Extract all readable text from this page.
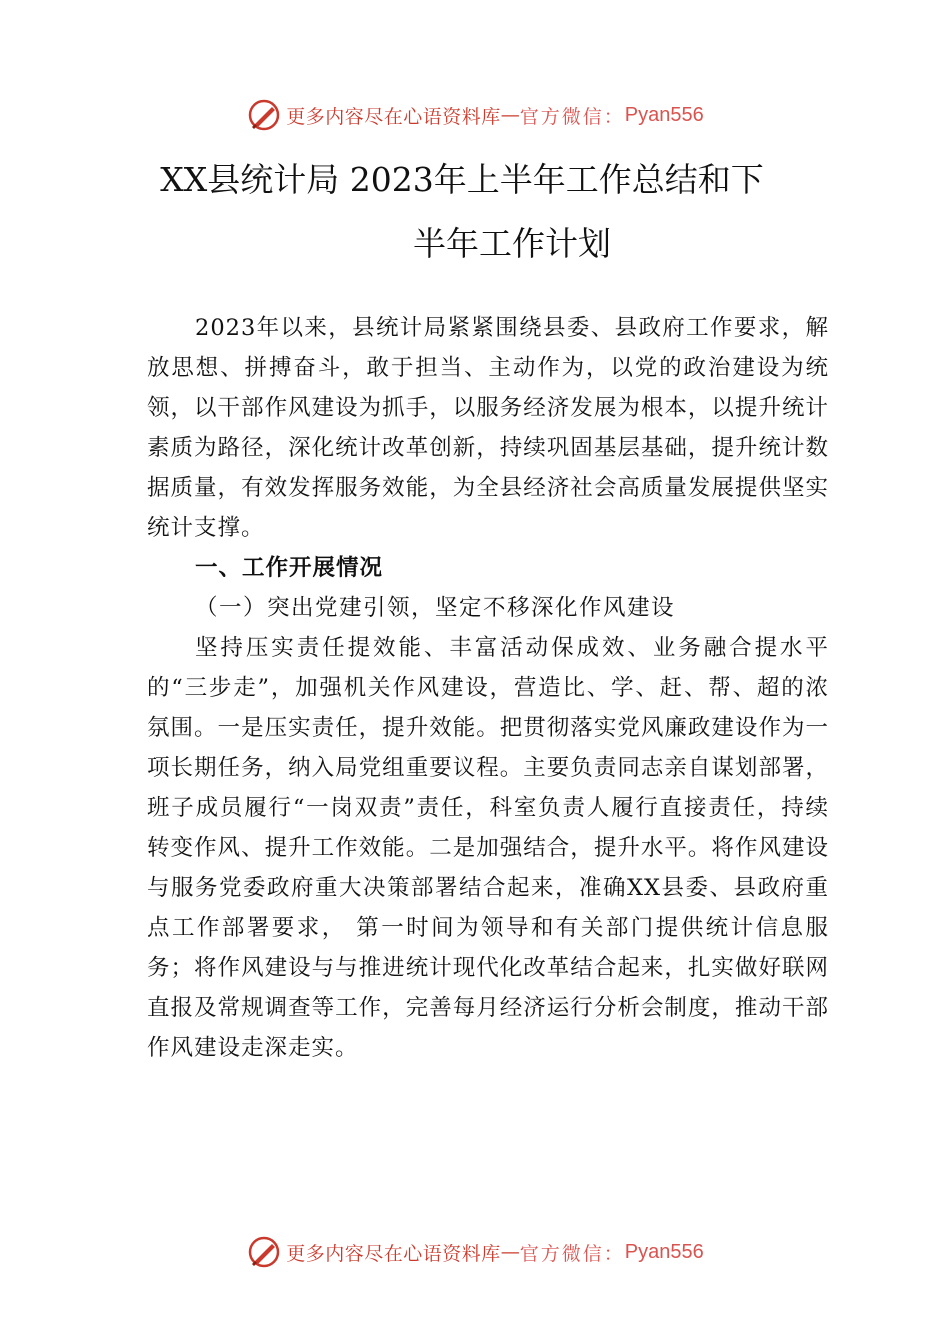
更多内容尽在心语资料库 — 官方微信： Pyan556
XX县统计局 2023年上半年工作总结和下
半年工作计划

2023年以来，县统计局紧紧围绕县委、县政府工作要求，解放思想、拼搏奋斗，敢于担当、主动作为，以党的政治建设为统领，以干部作风建设为抓手，以服务经济发展为根本，以提升统计素质为路径，深化统计改革创新，持续巩固基层基础，提升统计数据质量，有效发挥服务效能，为全县经济社会高质量发展提供坚实统计支撑。

一、工作开展情况
（一）突出党建引领，坚定不移深化作风建设

坚持压实责任提效能、丰富活动保成效、业务融合提水平的“三步走”，加强机关作风建设，营造比、学、赶、帮、超的浓氛围。一是压实责任，提升效能。把贯彻落实党风廉政建设作为一项长期任务，纳入局党组重要议程。主要负责同志亲自谋划部署，班子成员履行“一岗双责”责任，科室负责人履行直接责任，持续转变作风、提升工作效能。二是加强结合，提升水平。将作风建设与服务党委政府重大决策部署结合起来，准确XX县委、县政府重点工作部署要求， 第一时间为领导和有关部门提供统计信息服务；将作风建设与与推进统计现代化改革结合起来，扎实做好联网直报及常规调查等工作，完善每月经济运行分析会制度，推动干部作风建设走深走实。

更多内容尽在心语资料库 — 官方微信： Pyan556
